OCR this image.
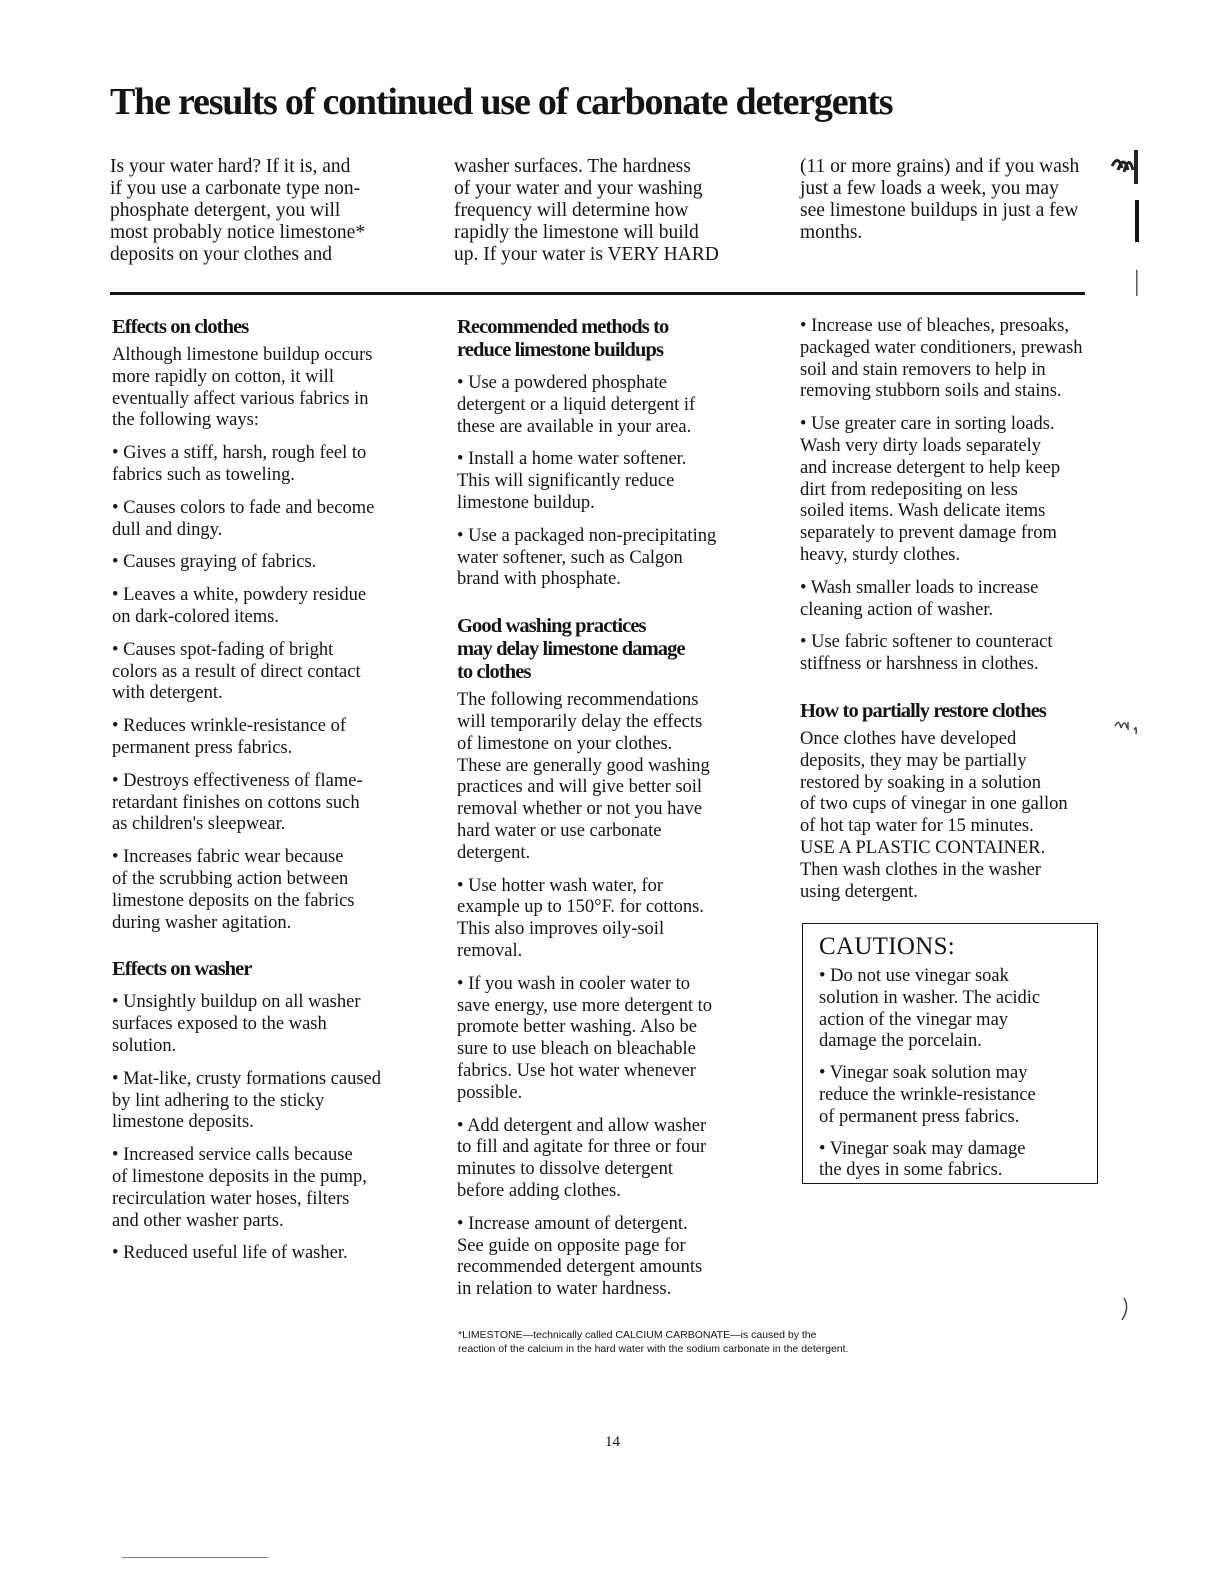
The results of continued use of carbonate detergents

Is your water hard? If it is, and
if you use a carbonate type non-
phosphate detergent, you will
most probably notice limestone*
deposits on your clothes and

washer surfaces. The hardness
of your water and your washing
frequency will determine how
rapidly the limestone will build
up. If your water is VERY HARD

(11 or more grains) and if you wash
just a few loads a week, you may
see limestone buildups in just a few
months.

Effects on clothes

Although limestone buildup occurs
more rapidly on cotton, it will
eventually affect various fabrics in
the following ways:

• Gives a stiff, harsh, rough feel to
fabrics such as toweling.

• Causes colors to fade and become
dull and dingy.

• Causes graying of fabrics.

• Leaves a white, powdery residue
on dark-colored items.

• Causes spot-fading of bright
colors as a result of direct contact
with detergent.

• Reduces wrinkle-resistance of
permanent press fabrics.

• Destroys effectiveness of flame-
retardant finishes on cottons such
as children's sleepwear.

• Increases fabric wear because
of the scrubbing action between
limestone deposits on the fabrics
during washer agitation.

Effects on washer

• Unsightly buildup on all washer
surfaces exposed to the wash
solution.

• Mat-like, crusty formations caused
by lint adhering to the sticky
limestone deposits.

• Increased service calls because
of limestone deposits in the pump,
recirculation water hoses, filters
and other washer parts.

• Reduced useful life of washer.

Recommended methods to
reduce limestone buildups

• Use a powdered phosphate
detergent or a liquid detergent if
these are available in your area.

• Install a home water softener.
This will significantly reduce
limestone buildup.

• Use a packaged non-precipitating
water softener, such as Calgon
brand with phosphate.

Good washing practices
may delay limestone damage
to clothes

The following recommendations
will temporarily delay the effects
of limestone on your clothes.
These are generally good washing
practices and will give better soil
removal whether or not you have
hard water or use carbonate
detergent.

• Use hotter wash water, for
example up to 150°F. for cottons.
This also improves oily-soil
removal.

• If you wash in cooler water to
save energy, use more detergent to
promote better washing. Also be
sure to use bleach on bleachable
fabrics. Use hot water whenever
possible.

• Add detergent and allow washer
to fill and agitate for three or four
minutes to dissolve detergent
before adding clothes.

• Increase amount of detergent.
See guide on opposite page for
recommended detergent amounts
in relation to water hardness.

• Increase use of bleaches, presoaks,
packaged water conditioners, prewash
soil and stain removers to help in
removing stubborn soils and stains.

• Use greater care in sorting loads.
Wash very dirty loads separately
and increase detergent to help keep
dirt from redepositing on less
soiled items. Wash delicate items
separately to prevent damage from
heavy, sturdy clothes.

• Wash smaller loads to increase
cleaning action of washer.

• Use fabric softener to counteract
stiffness or harshness in clothes.

How to partially restore clothes

Once clothes have developed
deposits, they may be partially
restored by soaking in a solution
of two cups of vinegar in one gallon
of hot tap water for 15 minutes.
USE A PLASTIC CONTAINER.
Then wash clothes in the washer
using detergent.

CAUTIONS:

• Do not use vinegar soak
solution in washer. The acidic
action of the vinegar may
damage the porcelain.

• Vinegar soak solution may
reduce the wrinkle-resistance
of permanent press fabrics.

• Vinegar soak may damage
the dyes in some fabrics.

*LIMESTONE—technically called CALCIUM CARBONATE—is caused by the
reaction of the calcium in the hard water with the sodium carbonate in the detergent.

14
